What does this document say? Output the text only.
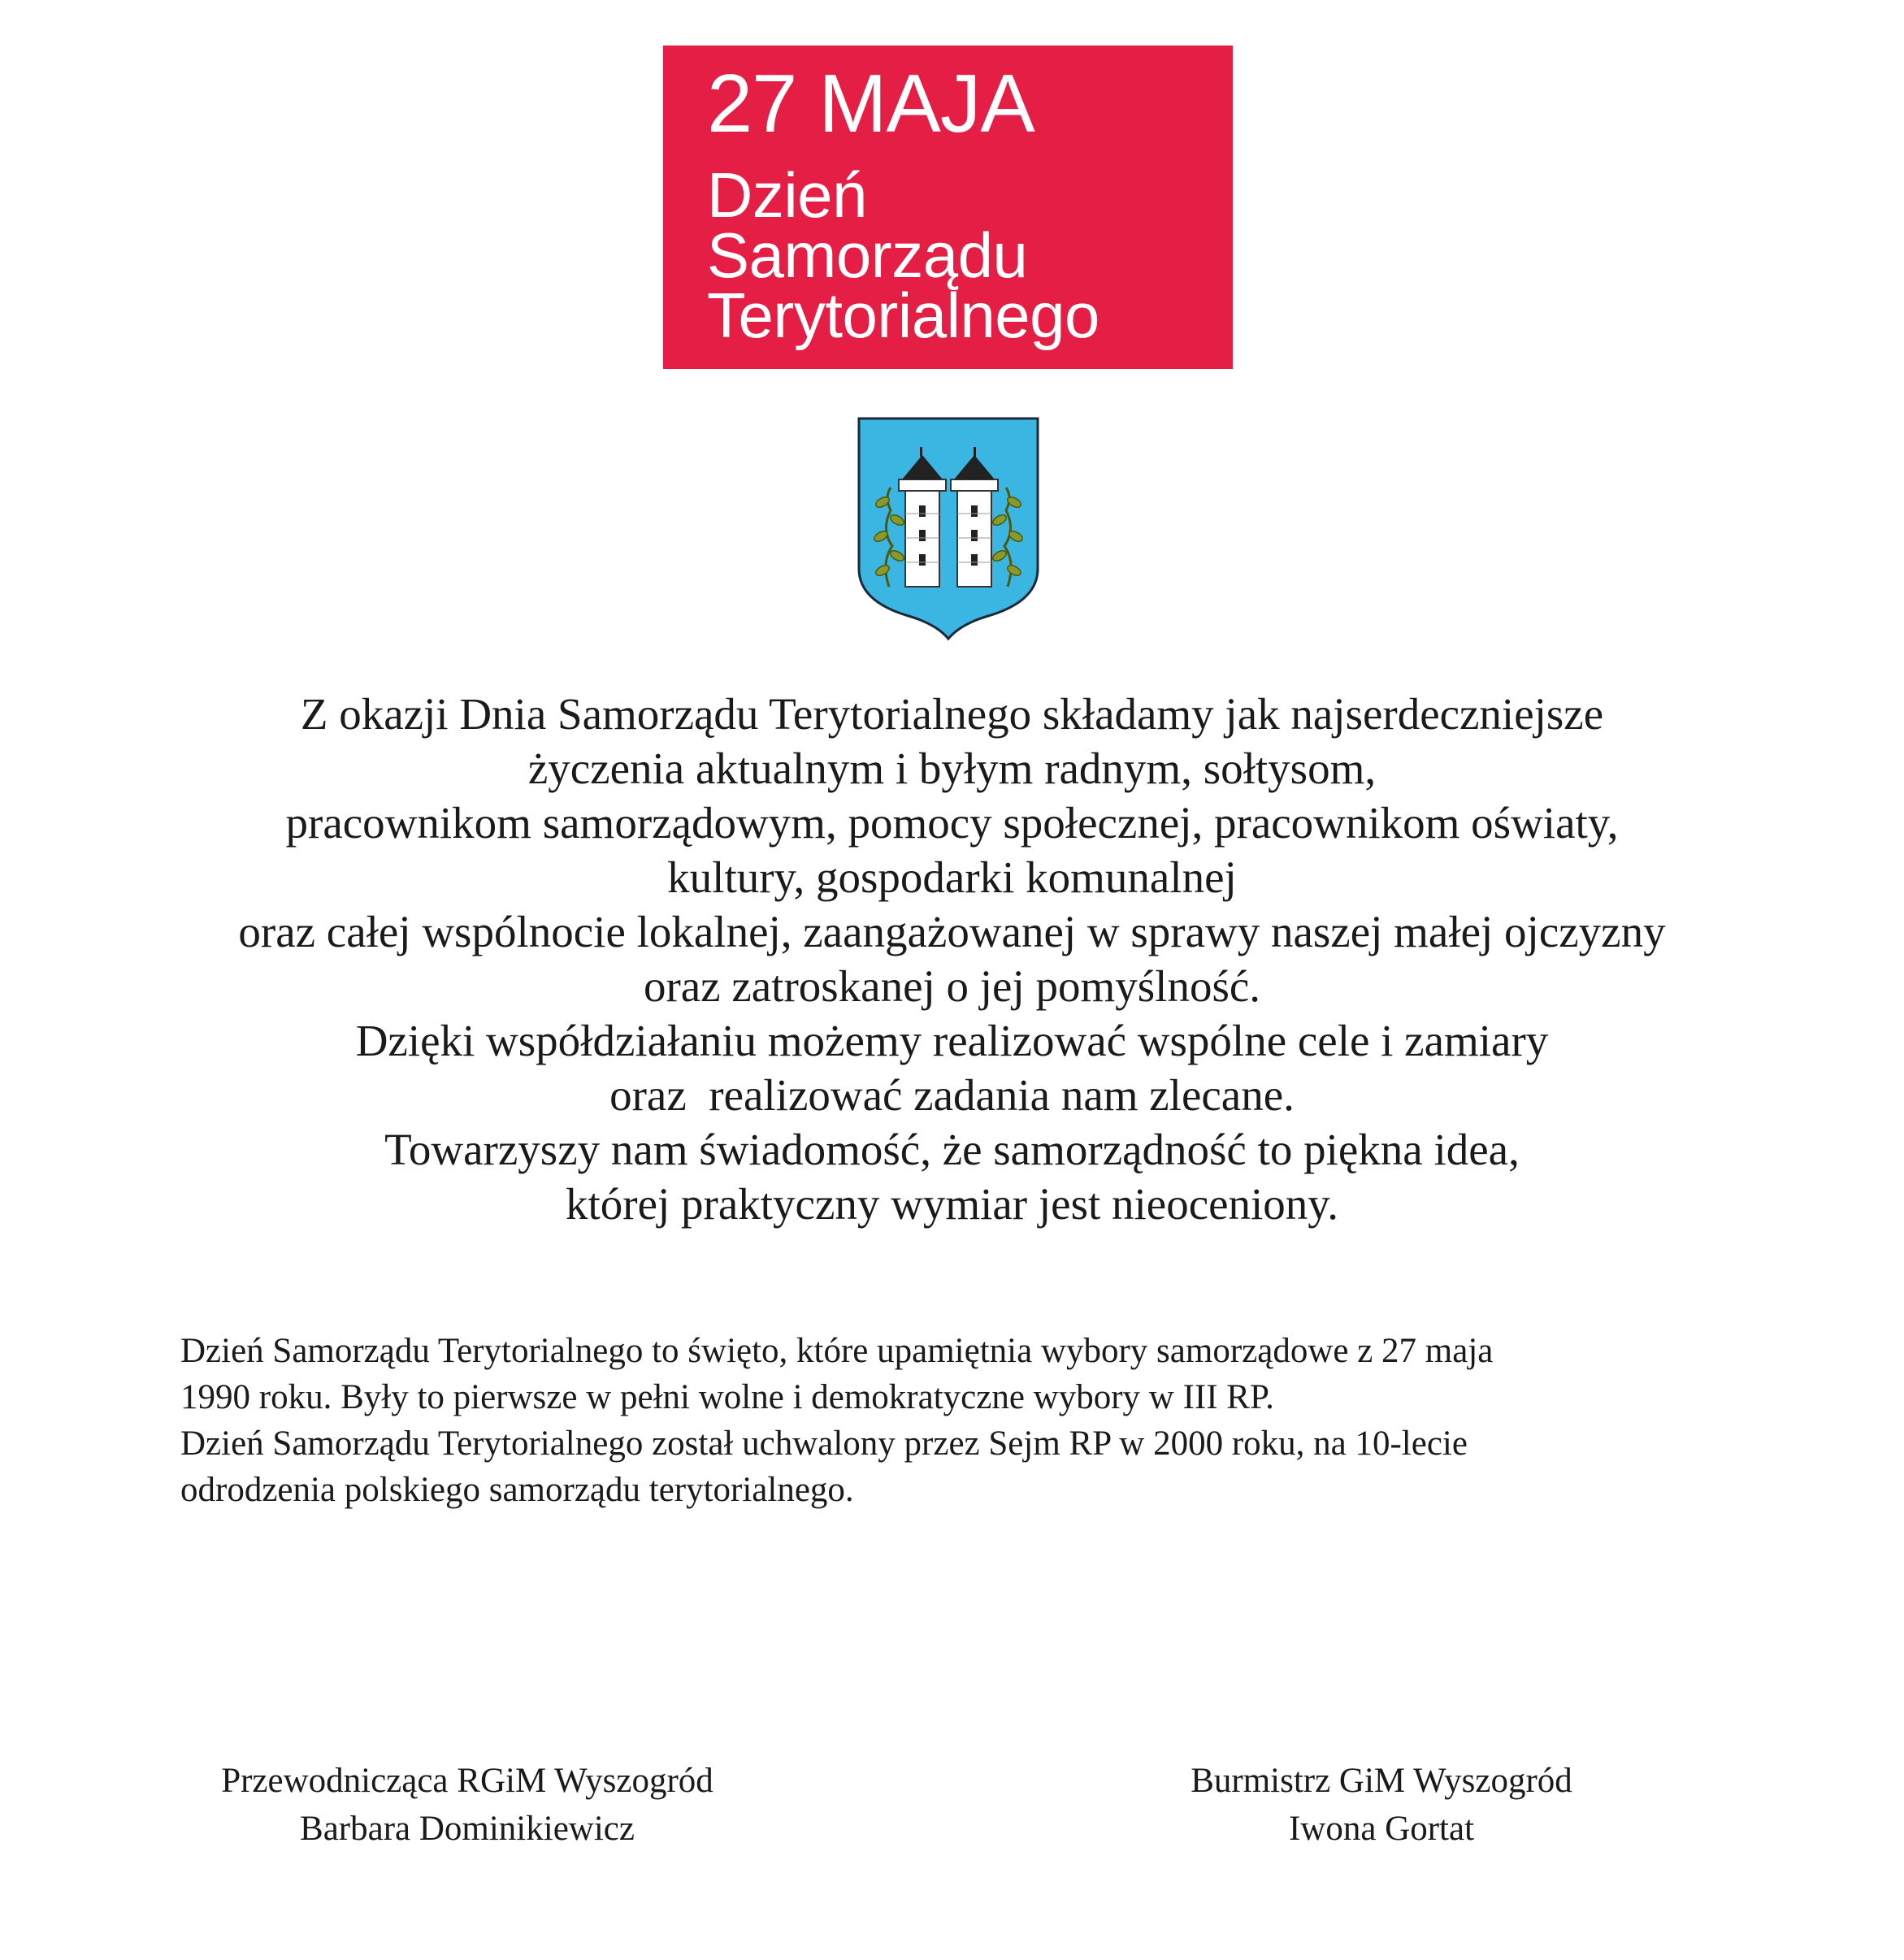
27 MAJA
Dzień
Samorządu
Terytorialnego
Z okazji Dnia Samorządu Terytorialnego składamy jak najserdeczniejsze
życzenia aktualnym i byłym radnym, sołtysom,
pracownikom samorządowym, pomocy społecznej, pracownikom oświaty,
kultury, gospodarki komunalnej
oraz całej wspólnocie lokalnej, zaangażowanej w sprawy naszej małej ojczyzny
oraz zatroskanej o jej pomyślność.
Dzięki współdziałaniu możemy realizować wspólne cele i zamiary
oraz  realizować zadania nam zlecane.
Towarzyszy nam świadomość, że samorządność to piękna idea,
której praktyczny wymiar jest nieoceniony.
Dzień Samorządu Terytorialnego to święto, które upamiętnia wybory samorządowe z 27 maja
1990 roku. Były to pierwsze w pełni wolne i demokratyczne wybory w III RP.
Dzień Samorządu Terytorialnego został uchwalony przez Sejm RP w 2000 roku, na 10-lecie
odrodzenia polskiego samorządu terytorialnego.
Przewodnicząca RGiM Wyszogród
Barbara Dominikiewicz
Burmistrz GiM Wyszogród
Iwona Gortat
